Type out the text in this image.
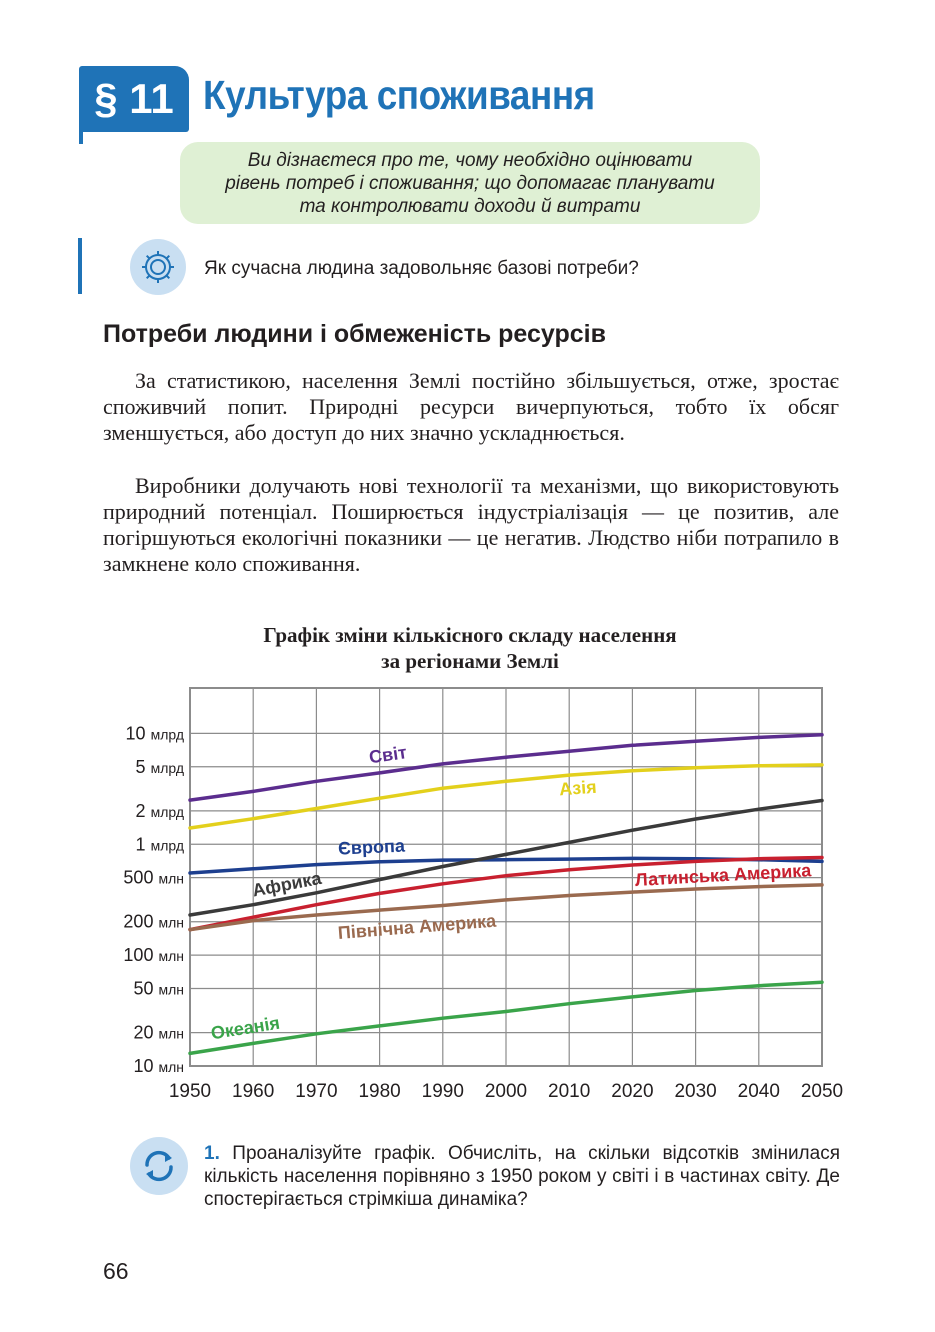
§ 11 Культура споживання
Ви дізнаєтеся про те, чому необхідно оцінювати
рівень потреб і споживання; що допомагає планувати
та контролювати доходи й витрати
Як сучасна людина задовольняє базові потреби?
Потреби людини і обмеженість ресурсів

За статистикою, населення Землі постійно збільшується, отже, зростає споживчий попит. Природні ресурси вичерпуються, тобто їх обсяг зменшується, або доступ до них значно ускладнюється.

Виробники долучають нові технології та механізми, що використовують природний потенціал. Поширюється індустріалізація — це позитив, але погіршуються екологічні показники — це негатив. Людство ніби потрапило в замкнене коло споживання.

Графік зміни кількісного складу населення
за регіонами Землі
10 млрд
5 млрд
2 млрд
1 млрд
500 млн
200 млн
100 млн
50 млн
20 млн
10 млн
1950 1960 1970 1980 1990 2000 2010 2020 2030 2040 2050
Світ
Азія
Європа
Африка	Латинська Америка
Північна Америка
Океанія

1. Проаналізуйте графік. Обчисліть, на скільки відсотків змінилася кількість населення порівняно з 1950 роком у світі і в частинах світу. Де спостерігається стрімкіша динаміка?

66
